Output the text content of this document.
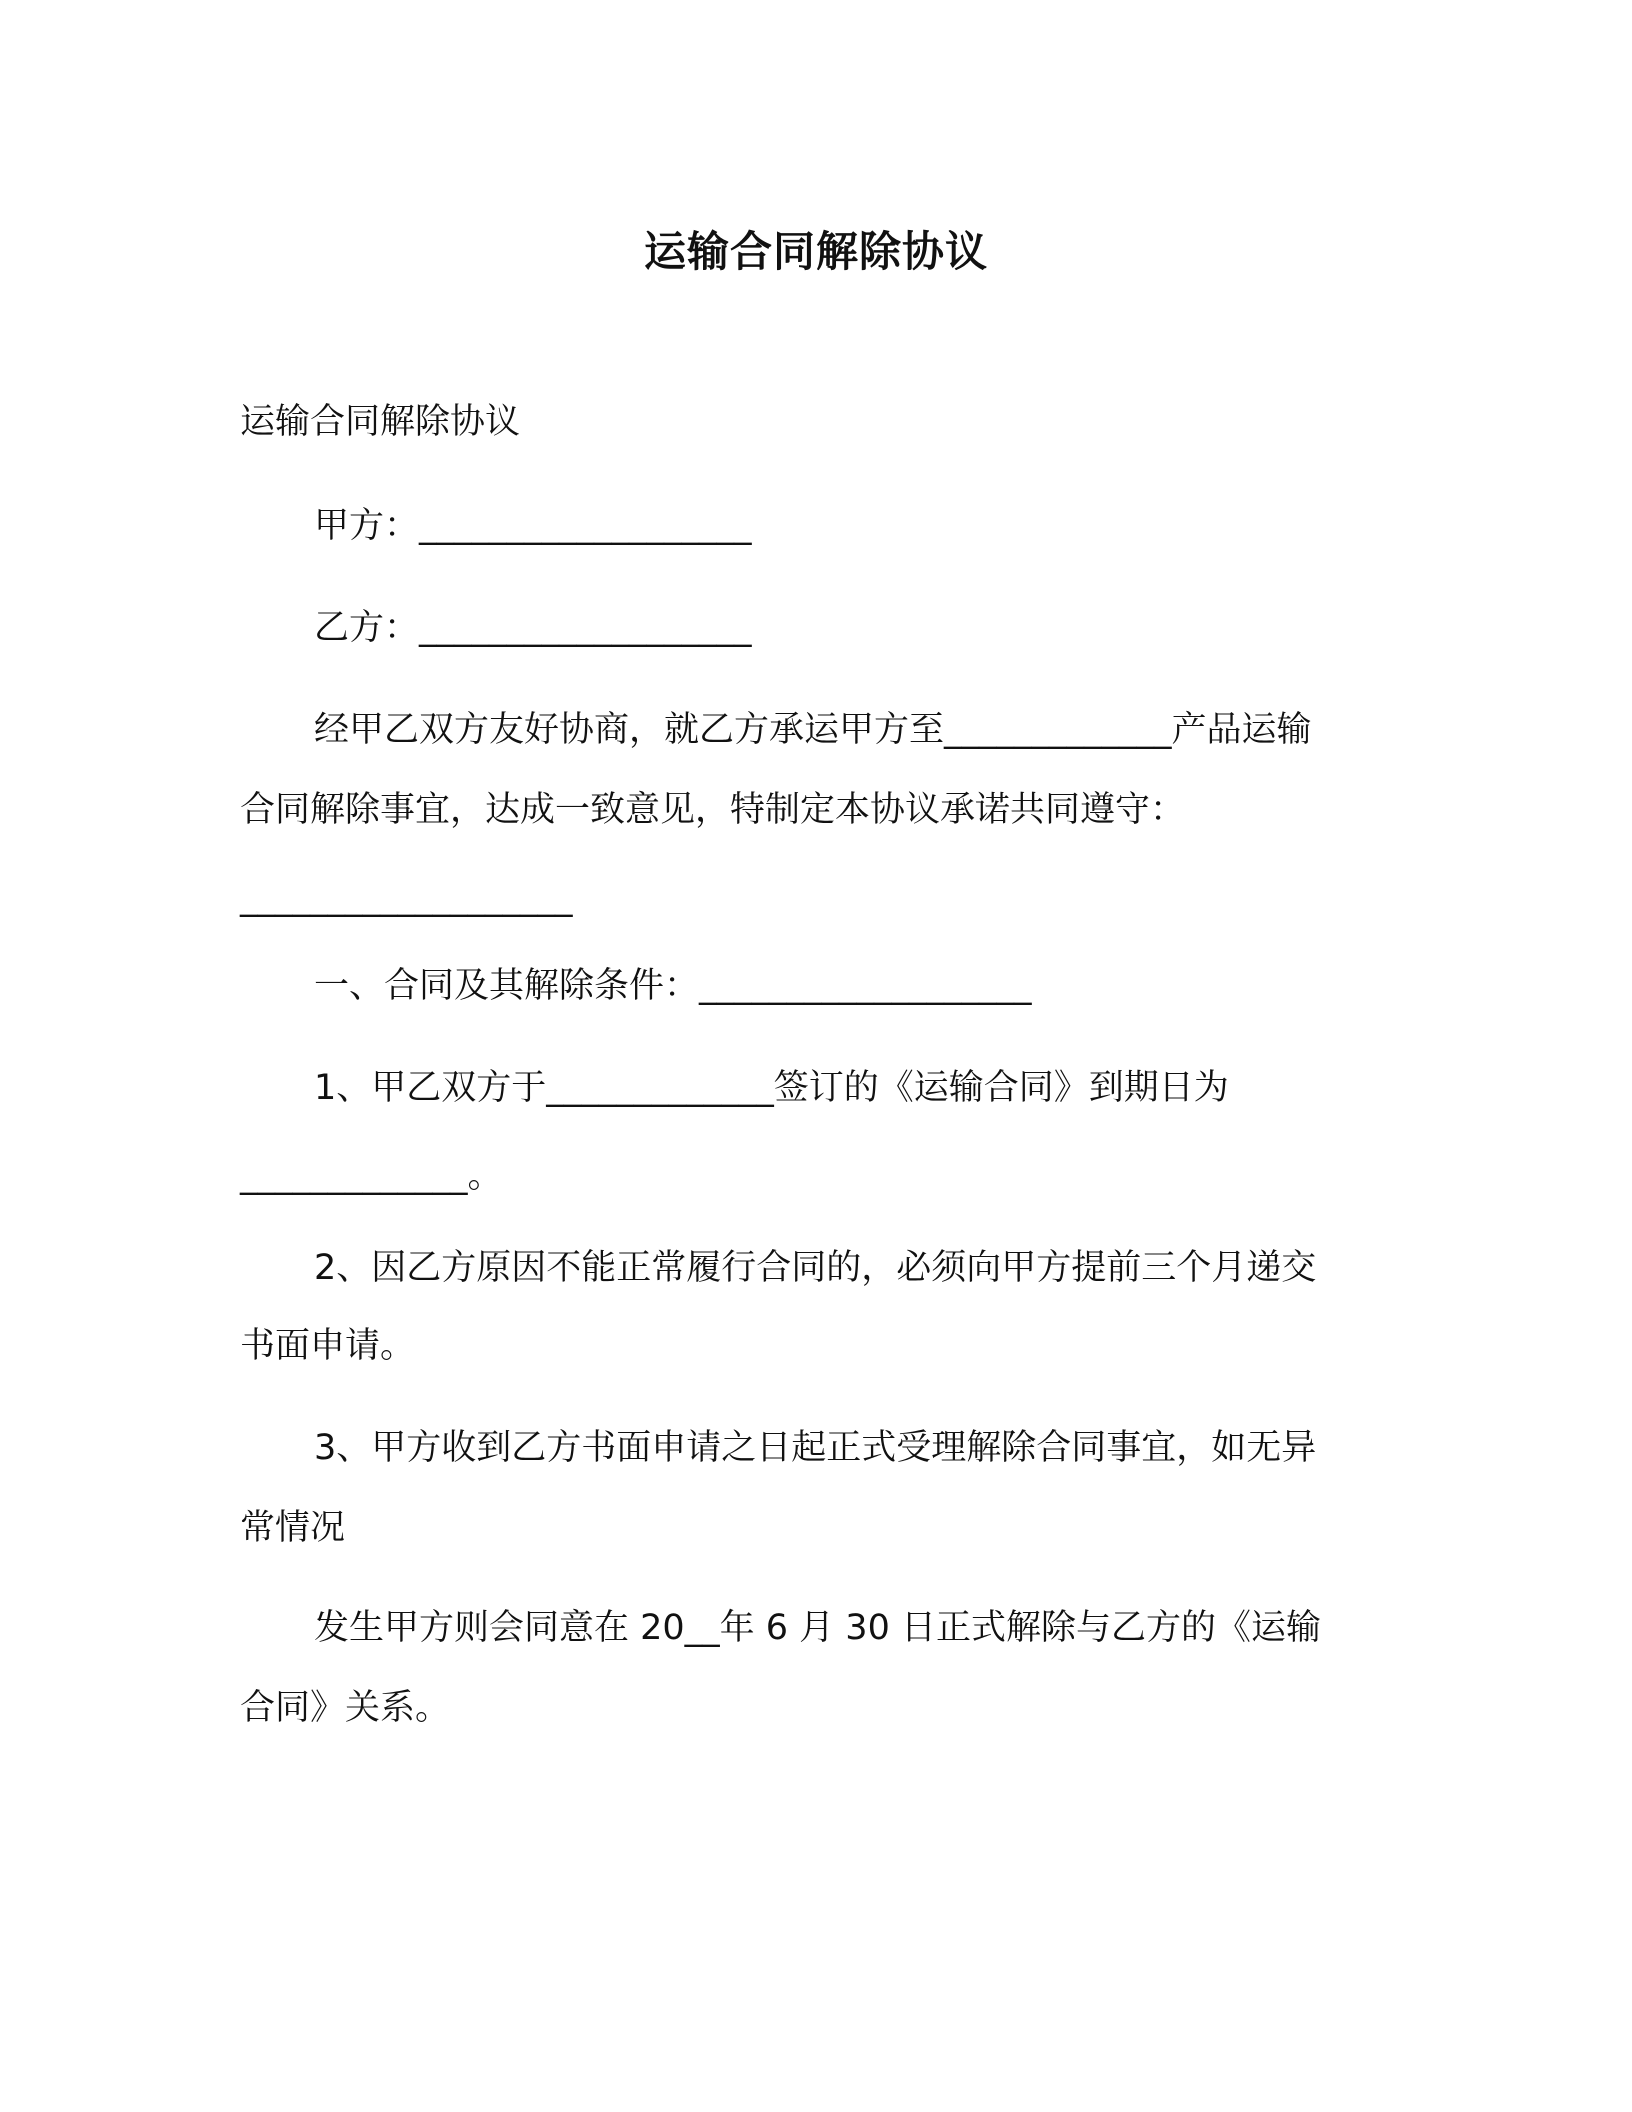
运输合同解除协议
运输合同解除协议
甲方：___________________
乙方：___________________
经甲乙双方友好协商，就乙方承运甲方至_____________产品运输
合同解除事宜，达成一致意见，特制定本协议承诺共同遵守：
___________________
一、合同及其解除条件：___________________
1、甲乙双方于_____________签订的《运输合同》到期日为
_____________。
2、因乙方原因不能正常履行合同的，必须向甲方提前三个月递交
书面申请。
3、甲方收到乙方书面申请之日起正式受理解除合同事宜，如无异
常情况
发生甲方则会同意在 20__年 6 月 30 日正式解除与乙方的《运输
合同》关系。
